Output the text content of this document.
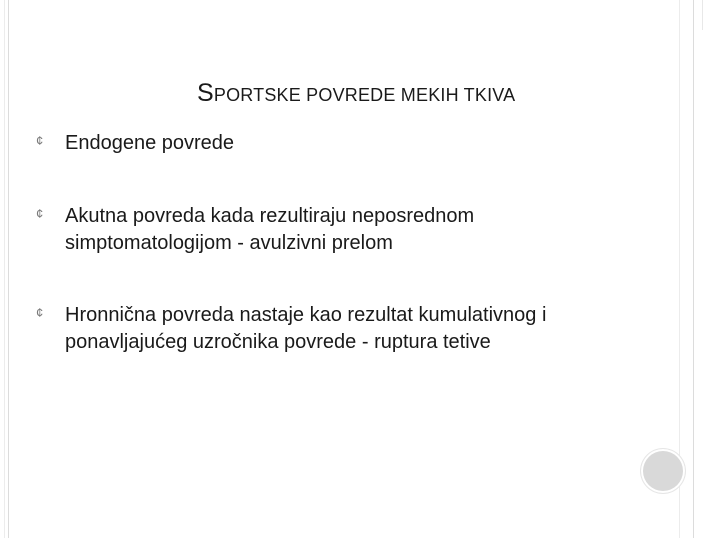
SPORTSKE POVREDE MEKIH TKIVA
¢	Endogene povrede
¢	Akutna povreda kada rezultiraju neposrednom
simptomatologijom - avulzivni prelom
¢	Hronnična povreda nastaje kao rezultat kumulativnog i
ponavljajućeg uzročnika povrede - ruptura tetive
